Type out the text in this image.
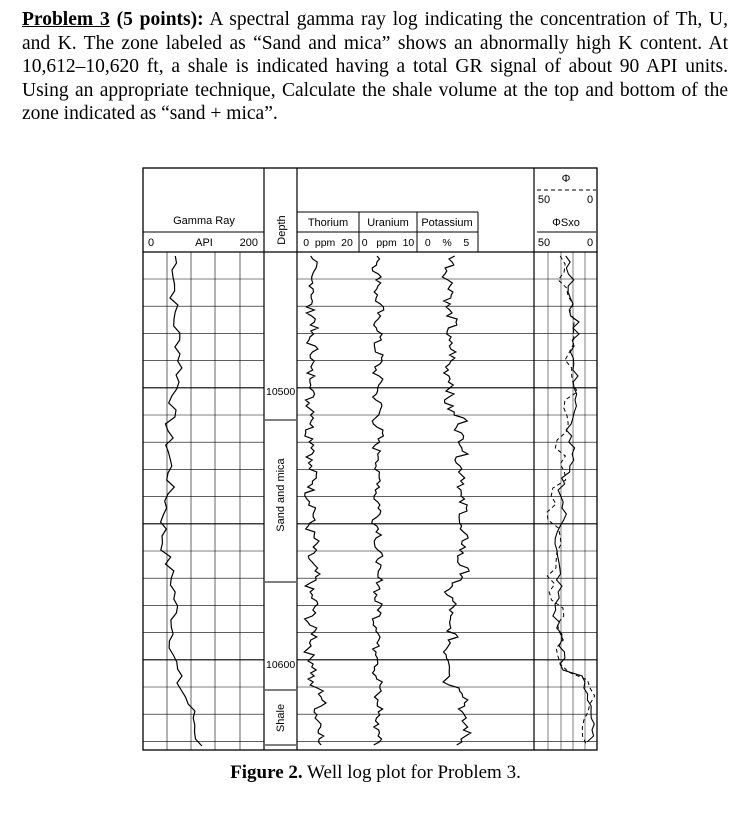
Problem 3 (5 points): A spectral gamma ray log indicating the concentration of Th, U, and K. The zone labeled as “Sand and mica” shows an abnormally high K content. At 10,612–10,620 ft, a shale is indicated having a total GR signal of about 90 API units. Using an appropriate technique, Calculate the shale volume at the top and bottom of the zone indicated as “sand + mica”.
Gamma Ray
0	API 200 Depth Thorium Uranium Potassium
0  ppm  20 0   ppm  10 0    %    5
Φ
50	0
ΦSxo
50	0
10500
10600
Sand and mica
Shale
Figure 2. Well log plot for Problem 3.
